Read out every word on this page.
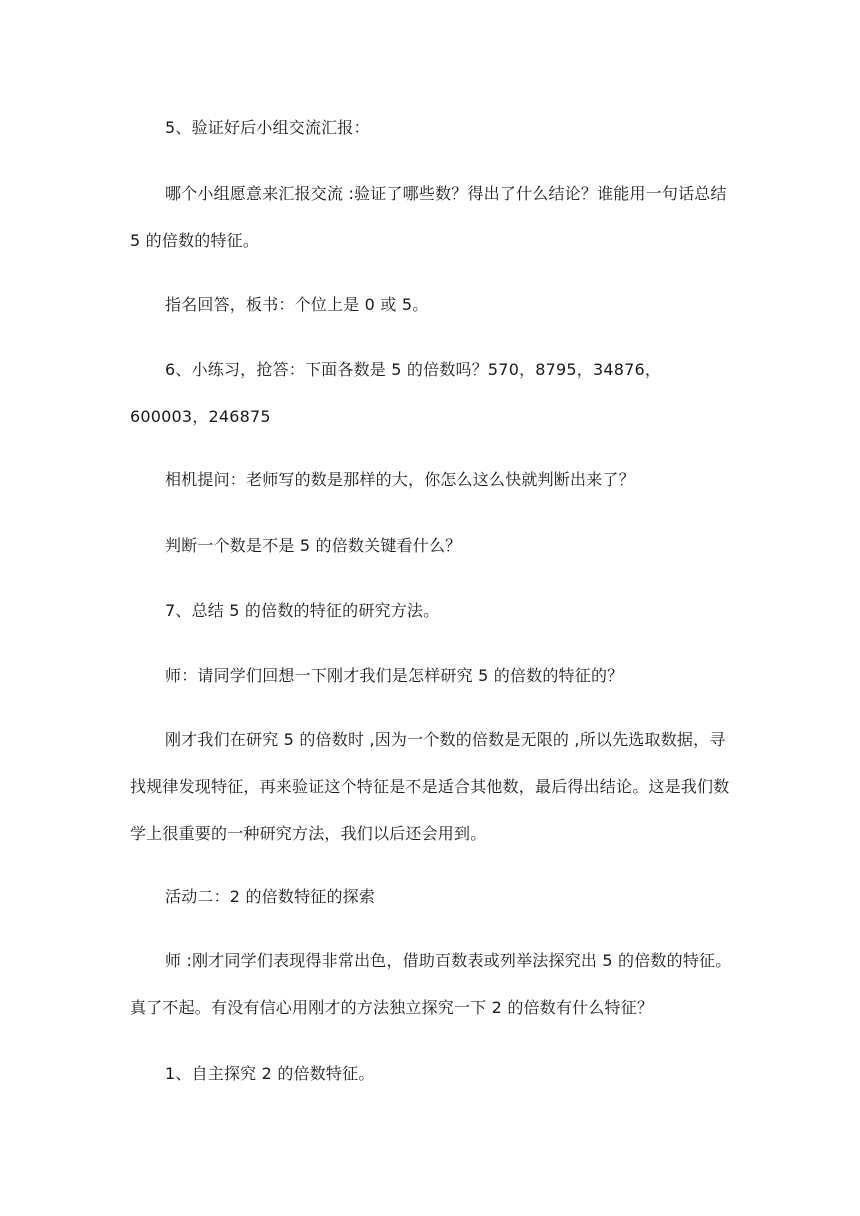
5、验证好后小组交流汇报：

哪个小组愿意来汇报交流 :验证了哪些数？得出了什么结论？谁能用一句话总结 5 的倍数的特征。

指名回答，板书：个位上是 0 或 5。

6、小练习，抢答：下面各数是 5 的倍数吗？570，8795，34876，600003，246875

相机提问：老师写的数是那样的大，你怎么这么快就判断出来了？

判断一个数是不是 5 的倍数关键看什么？

7、总结 5 的倍数的特征的研究方法。

师：请同学们回想一下刚才我们是怎样研究 5 的倍数的特征的？

刚才我们在研究 5 的倍数时 ,因为一个数的倍数是无限的 ,所以先选取数据，寻找规律发现特征，再来验证这个特征是不是适合其他数，最后得出结论。这是我们数学上很重要的一种研究方法，我们以后还会用到。

活动二：2 的倍数特征的探索

师 :刚才同学们表现得非常出色，借助百数表或列举法探究出 5 的倍数的特征。真了不起。有没有信心用刚才的方法独立探究一下 2 的倍数有什么特征？

1、自主探究 2 的倍数特征。
